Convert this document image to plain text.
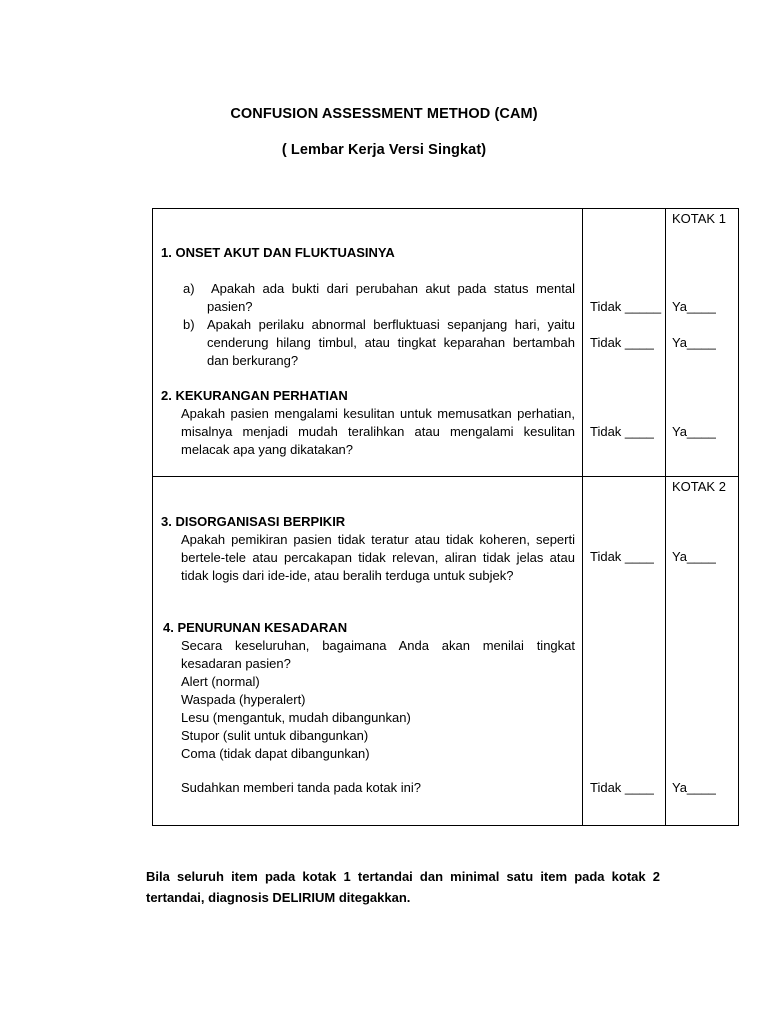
CONFUSION ASSESSMENT METHOD (CAM)
( Lembar Kerja Versi Singkat)
KOTAK 1
KOTAK 2
1. ONSET AKUT DAN FLUKTUASINYA
a)	Apakah ada bukti dari perubahan akut pada status mental pasien?
b) Apakah perilaku abnormal berfluktuasi sepanjang hari, yaitu cenderung hilang timbul, atau tingkat keparahan bertambah dan berkurang?
Tidak _____ Ya____
Tidak ____ Ya____
2. KEKURANGAN PERHATIAN
Apakah pasien mengalami kesulitan untuk memusatkan perhatian, misalnya menjadi mudah teralihkan atau mengalami kesulitan melacak apa yang dikatakan?
Tidak ____ Ya____
3. DISORGANISASI BERPIKIR
Apakah pemikiran pasien tidak teratur atau tidak koheren, seperti bertele-tele atau percakapan tidak relevan, aliran tidak jelas atau tidak logis dari ide-ide, atau beralih terduga untuk subjek?
Tidak ____ Ya____
4. PENURUNAN KESADARAN
Secara keseluruhan, bagaimana Anda akan menilai tingkat kesadaran pasien?
Alert (normal)
Waspada (hyperalert)
Lesu (mengantuk, mudah dibangunkan)
Stupor (sulit untuk dibangunkan)
Coma (tidak dapat dibangunkan)
Sudahkan memberi tanda pada kotak ini?	Tidak ____ Ya____
Bila seluruh item pada kotak 1 tertandai dan minimal satu item pada kotak 2 tertandai, diagnosis DELIRIUM ditegakkan.
